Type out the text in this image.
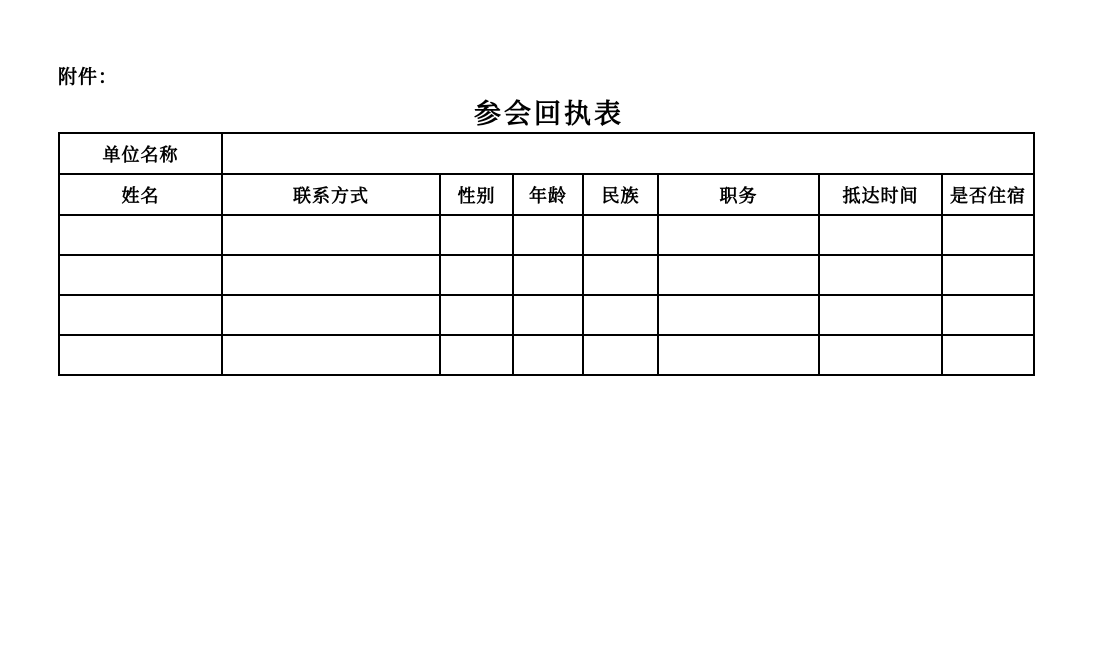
附件：
参会回执表
单位名称							
姓名	联系方式	性别	年龄	民族	职务	抵达时间	是否住宿
